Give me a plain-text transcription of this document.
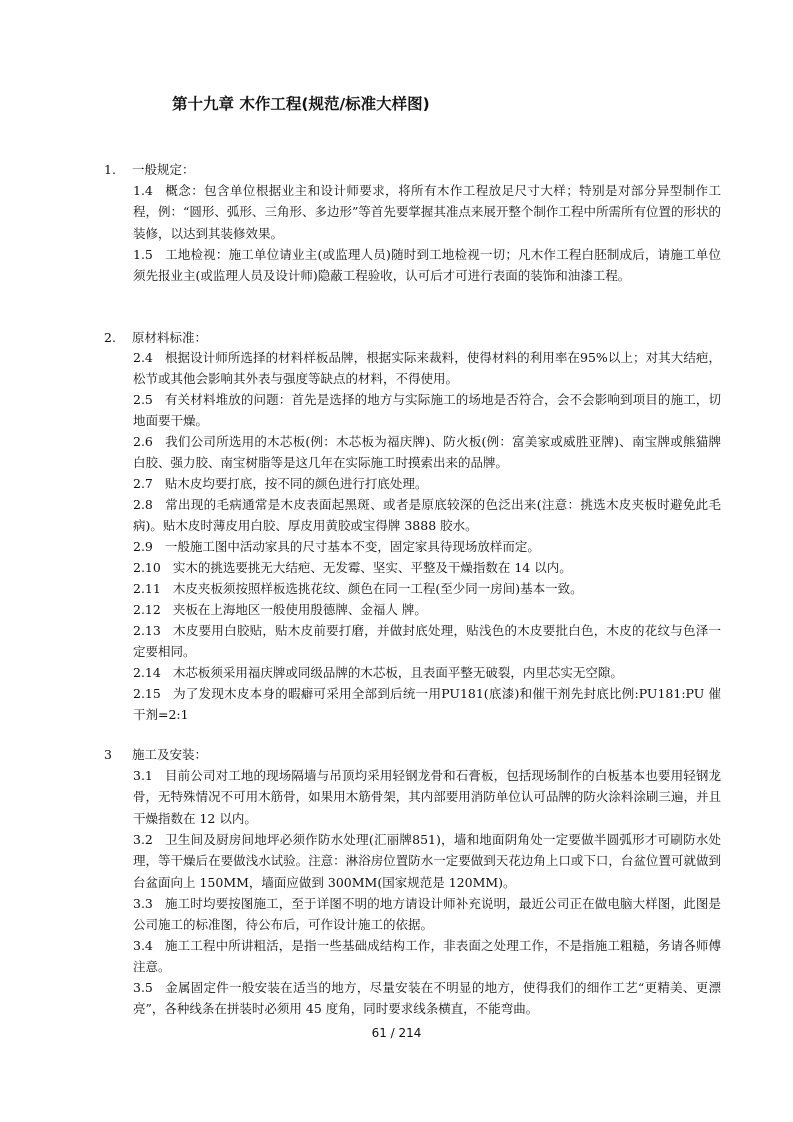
第十九章 木作工程(规范/标准大样图)
1. 一般规定：
1.4 概念：包含单位根据业主和设计师要求，将所有木作工程放足尺寸大样；特别是对部分异型制作工程，例：“圆形、弧形、三角形、多边形”等首先要掌握其准点来展开整个制作工程中所需所有位置的形状的装修，以达到其装修效果。
1.5 工地检视：施工单位请业主(或监理人员)随时到工地检视一切；凡木作工程白胚制成后，请施工单位须先报业主(或监理人员及设计师)隐蔽工程验收，认可后才可进行表面的装饰和油漆工程。
2. 原材料标准：
2.4 根据设计师所选择的材料样板品牌，根据实际来裁料，使得材料的利用率在95%以上；对其大结疤，松节或其他会影响其外表与强度等缺点的材料，不得使用。
2.5 有关材料堆放的问题：首先是选择的地方与实际施工的场地是否符合，会不会影响到项目的施工，切地面要干燥。
2.6 我们公司所选用的木芯板(例：木芯板为福庆牌)、防火板(例：富美家或威胜亚牌)、南宝牌或熊猫牌白胶、强力胶、南宝树脂等是这几年在实际施工时摸索出来的品牌。
2.7 贴木皮均要打底，按不同的颜色进行打底处理。
2.8 常出现的毛病通常是木皮表面起黑斑、或者是原底较深的色泛出来(注意：挑选木皮夹板时避免此毛病)。贴木皮时薄皮用白胶、厚皮用黄胶或宝得牌 3888 胶水。
2.9 一般施工图中活动家具的尺寸基本不变，固定家具待现场放样而定。
2.10 实木的挑选要挑无大结疤、无发霉、坚实、平整及干燥指数在 14 以内。
2.11 木皮夹板须按照样板选挑花纹、颜色在同一工程(至少同一房间)基本一致。
2.12 夹板在上海地区一般使用殷德牌、金福人 牌。
2.13 木皮要用白胶贴，贴木皮前要打磨，并做封底处理，贴浅色的木皮要批白色，木皮的花纹与色泽一定要相同。
2.14 木芯板须采用福庆牌或同级品牌的木芯板，且表面平整无破裂，内里芯实无空隙。
2.15 为了发现木皮本身的暇癖可采用全部到后统一用PU181(底漆)和催干剂先封底比例:PU181:PU 催干剂=2:1
3 施工及安装：
3.1 目前公司对工地的现场隔墙与吊顶均采用轻钢龙骨和石膏板，包括现场制作的白板基本也要用轻钢龙骨，无特殊情况不可用木筋骨，如果用木筋骨架，其内部要用消防单位认可品牌的防火涂料涂刷三遍，并且干燥指数在 12 以内。
3.2 卫生间及厨房间地坪必须作防水处理(汇丽牌851)，墙和地面阴角处一定要做半圆弧形才可刷防水处理，等干燥后在要做浅水试验。注意：淋浴房位置防水一定要做到天花边角上口或下口，台盆位置可就做到台盆面向上 150MM，墙面应做到 300MM(国家规范是 120MM)。
3.3 施工时均要按图施工，至于详图不明的地方请设计师补充说明，最近公司正在做电脑大样图，此图是公司施工的标准图，待公布后，可作设计施工的依据。
3.4 施工工程中所讲粗活，是指一些基础成结构工作，非表面之处理工作，不是指施工粗糙，务请各师傅注意。
3.5 金属固定件一般安装在适当的地方，尽量安装在不明显的地方，使得我们的细作工艺“更精美、更漂亮”，各种线条在拼装时必须用 45 度角，同时要求线条横直，不能弯曲。
61 / 214
